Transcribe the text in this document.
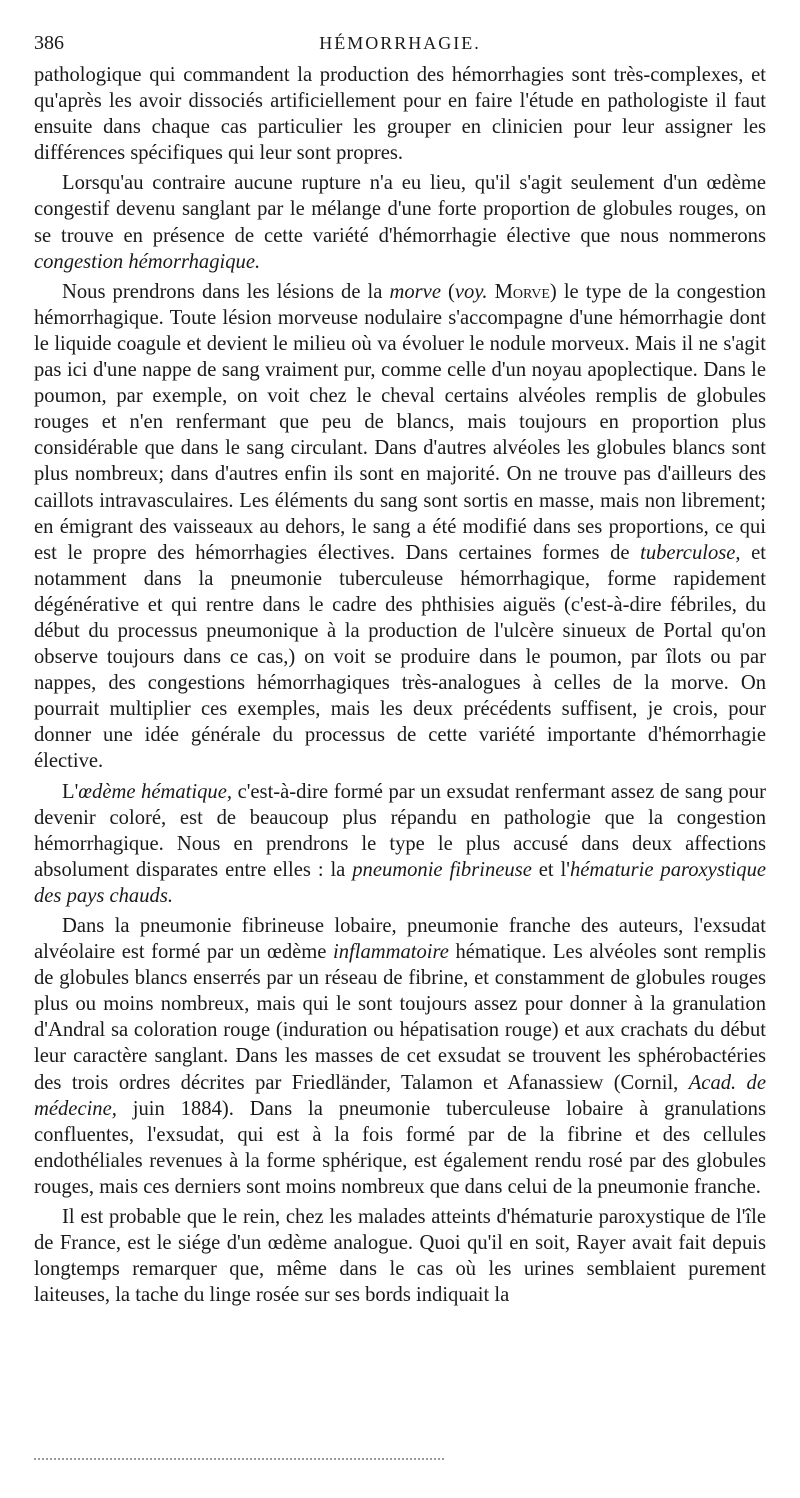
386	HÉMORRHAGIE.

pathologique qui commandent la production des hémorrhagies sont très-complexes, et qu'après les avoir dissociés artificiellement pour en faire l'étude en pathologiste il faut ensuite dans chaque cas particulier les grouper en clinicien pour leur assigner les différences spécifiques qui leur sont propres.

Lorsqu'au contraire aucune rupture n'a eu lieu, qu'il s'agit seulement d'un œdème congestif devenu sanglant par le mélange d'une forte proportion de globules rouges, on se trouve en présence de cette variété d'hémorrhagie élective que nous nommerons congestion hémorrhagique.

Nous prendrons dans les lésions de la morve (voy. Morve) le type de la congestion hémorrhagique. Toute lésion morveuse nodulaire s'accompagne d'une hémorrhagie dont le liquide coagule et devient le milieu où va évoluer le nodule morveux. Mais il ne s'agit pas ici d'une nappe de sang vraiment pur, comme celle d'un noyau apoplectique. Dans le poumon, par exemple, on voit chez le cheval certains alvéoles remplis de globules rouges et n'en renfermant que peu de blancs, mais toujours en proportion plus considérable que dans le sang circulant. Dans d'autres alvéoles les globules blancs sont plus nombreux; dans d'autres enfin ils sont en majorité. On ne trouve pas d'ailleurs des caillots intravasculaires. Les éléments du sang sont sortis en masse, mais non librement; en émigrant des vaisseaux au dehors, le sang a été modifié dans ses proportions, ce qui est le propre des hémorrhagies électives. Dans certaines formes de tuberculose, et notamment dans la pneumonie tuberculeuse hémorrhagique, forme rapidement dégénérative et qui rentre dans le cadre des phthisies aiguës (c'est-à-dire fébriles, du début du processus pneumonique à la production de l'ulcère sinueux de Portal qu'on observe toujours dans ce cas,) on voit se produire dans le poumon, par îlots ou par nappes, des congestions hémorrhagiques très-analogues à celles de la morve. On pourrait multiplier ces exemples, mais les deux précédents suffisent, je crois, pour donner une idée générale du processus de cette variété importante d'hémorrhagie élective.

L'œdème hématique, c'est-à-dire formé par un exsudat renfermant assez de sang pour devenir coloré, est de beaucoup plus répandu en pathologie que la congestion hémorrhagique. Nous en prendrons le type le plus accusé dans deux affections absolument disparates entre elles : la pneumonie fibrineuse et l'hématurie paroxystique des pays chauds.

Dans la pneumonie fibrineuse lobaire, pneumonie franche des auteurs, l'exsudat alvéolaire est formé par un œdème inflammatoire hématique. Les alvéoles sont remplis de globules blancs enserrés par un réseau de fibrine, et constamment de globules rouges plus ou moins nombreux, mais qui le sont toujours assez pour donner à la granulation d'Andral sa coloration rouge (induration ou hépatisation rouge) et aux crachats du début leur caractère sanglant. Dans les masses de cet exsudat se trouvent les sphérobactéries des trois ordres décrites par Friedländer, Talamon et Afanassiew (Cornil, Acad. de médecine, juin 1884). Dans la pneumonie tuberculeuse lobaire à granulations confluentes, l'exsudat, qui est à la fois formé par de la fibrine et des cellules endothéliales revenues à la forme sphérique, est également rendu rosé par des globules rouges, mais ces derniers sont moins nombreux que dans celui de la pneumonie franche.

Il est probable que le rein, chez les malades atteints d'hématurie paroxystique de l'île de France, est le siége d'un œdème analogue. Quoi qu'il en soit, Rayer avait fait depuis longtemps remarquer que, même dans le cas où les urines semblaient purement laiteuses, la tache du linge rosée sur ses bords indiquait la
